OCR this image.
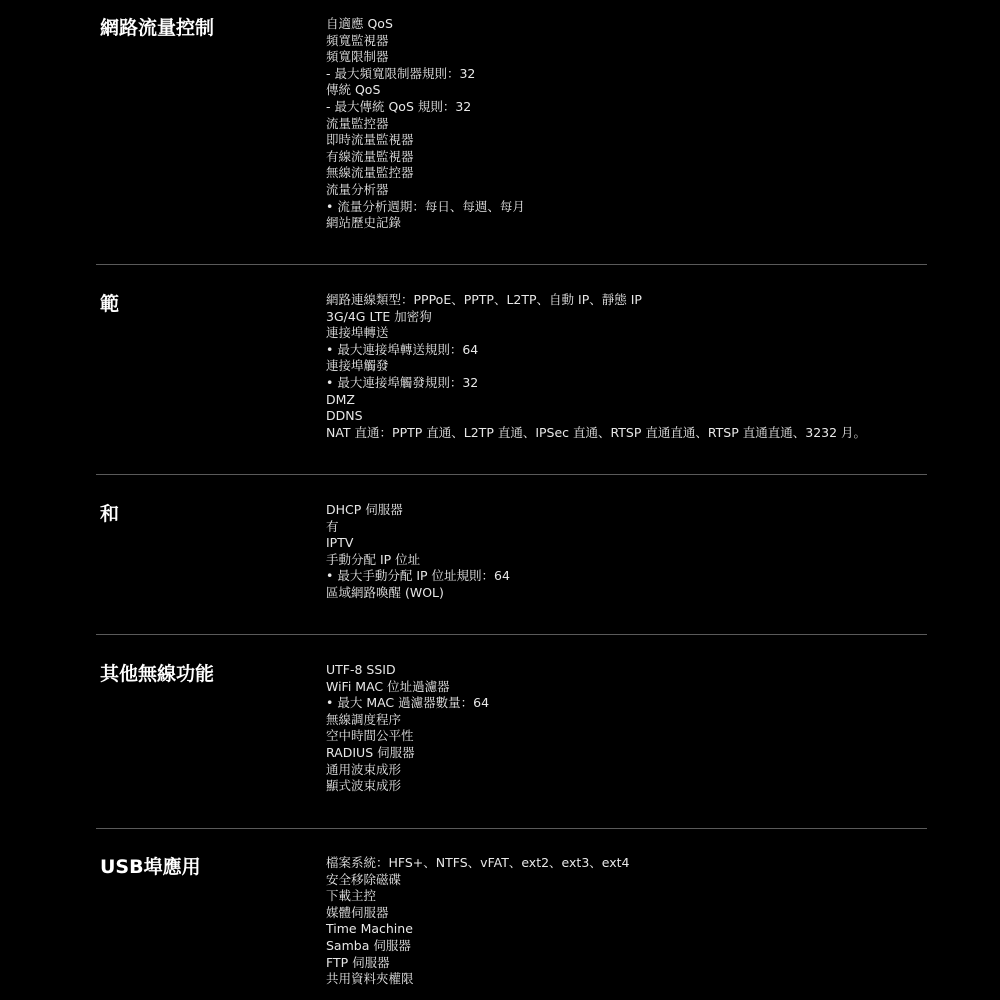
網路流量控制	自適應 QoS
頻寬監視器
頻寬限制器
- 最大頻寬限制器規則：32
傳統 QoS
- 最大傳統 QoS 規則：32
流量監控器
即時流量監視器
有線流量監視器
無線流量監控器
流量分析器
• 流量分析週期：每日、每週、每月
網站歷史記錄
範	網路連線類型：PPPoE、PPTP、L2TP、自動 IP、靜態 IP
3G/4G LTE 加密狗
連接埠轉送
• 最大連接埠轉送規則：64
連接埠觸發
• 最大連接埠觸發規則：32
DMZ
DDNS
NAT 直通：PPTP 直通、L2TP 直通、IPSec 直通、RTSP 直通直通、RTSP 直通直通、3232 月。
和	DHCP 伺服器
有
IPTV
手動分配 IP 位址
• 最大手動分配 IP 位址規則：64
區域網路喚醒 (WOL)
其他無線功能	UTF-8 SSID
WiFi MAC 位址過濾器
• 最大 MAC 過濾器數量：64
無線調度程序
空中時間公平性
RADIUS 伺服器
通用波束成形
顯式波束成形
USB埠應用	檔案系統：HFS+、NTFS、vFAT、ext2、ext3、ext4
安全移除磁碟
下載主控
媒體伺服器
Time Machine
Samba 伺服器
FTP 伺服器
共用資料夾權限
